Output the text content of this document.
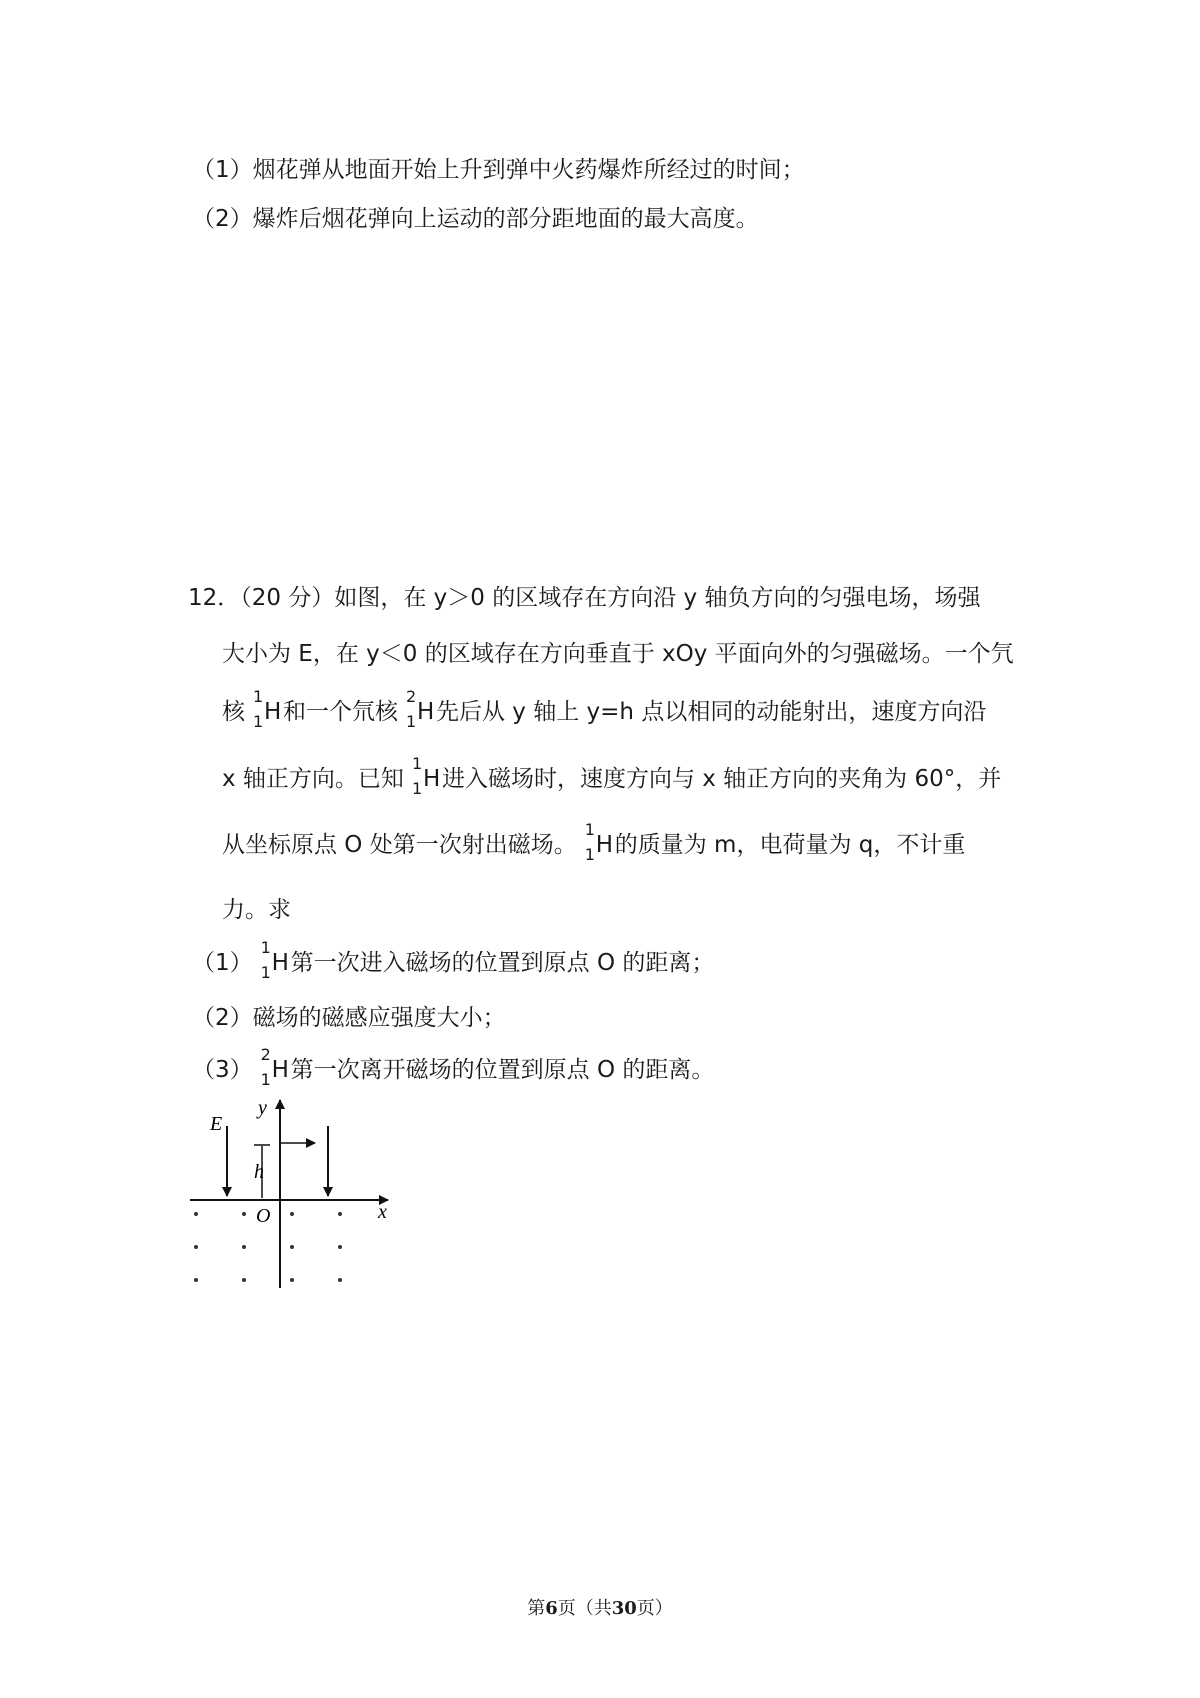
（1）烟花弹从地面开始上升到弹中火药爆炸所经过的时间；
（2）爆炸后烟花弹向上运动的部分距地面的最大高度。
12．（20 分）如图，在 y＞0 的区域存在方向沿 y 轴负方向的匀强电场，场强
大小为 E，在 y＜0 的区域存在方向垂直于 xOy 平面向外的匀强磁场。一个氕
核
1
1 H 和一个氘核
2
1 H 先后从 y 轴上 y=h 点以相同的动能射出，速度方向沿
x 轴正方向。已知
1
1 H 进入磁场时，速度方向与 x 轴正方向的夹角为 60°，并
从坐标原点 O 处第一次射出磁场。
1
1 H 的质量为 m，电荷量为 q，不计重
力。求
（1）
1
1 H 第一次进入磁场的位置到原点 O 的距离；
（2）磁场的磁感应强度大小；
（3）
2
1 H 第一次离开磁场的位置到原点 O 的距离。
y
x
E
h
O
第6页（共30页）
